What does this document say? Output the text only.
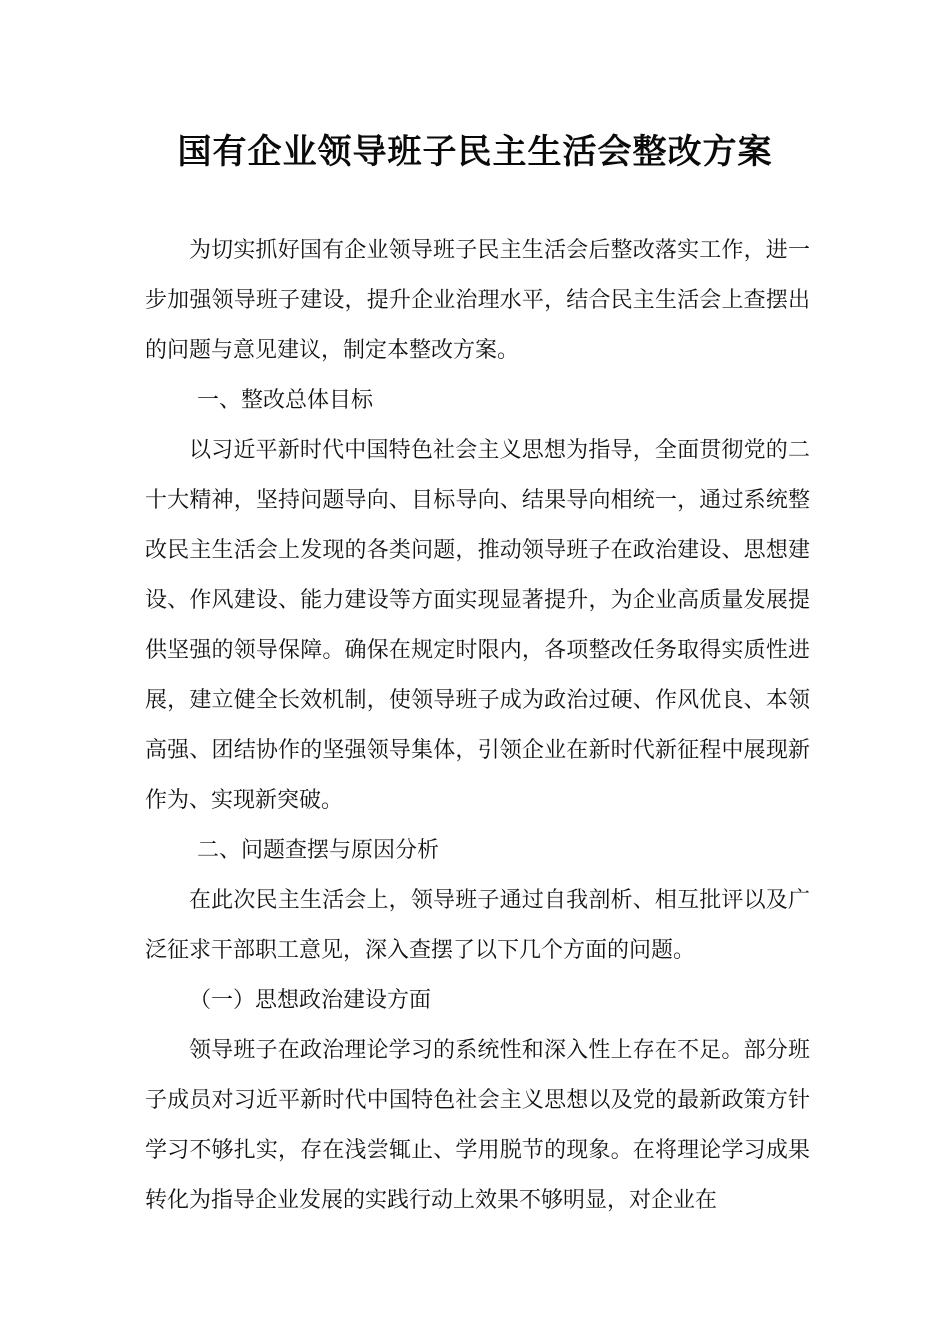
国有企业领导班子民主生活会整改方案

为切实抓好国有企业领导班子民主生活会后整改落实工作，进一步加强领导班子建设，提升企业治理水平，结合民主生活会上查摆出的问题与意见建议，制定本整改方案。

一、整改总体目标

以习近平新时代中国特色社会主义思想为指导，全面贯彻党的二十大精神，坚持问题导向、目标导向、结果导向相统一，通过系统整改民主生活会上发现的各类问题，推动领导班子在政治建设、思想建设、作风建设、能力建设等方面实现显著提升，为企业高质量发展提供坚强的领导保障。确保在规定时限内，各项整改任务取得实质性进展，建立健全长效机制，使领导班子成为政治过硬、作风优良、本领高强、团结协作的坚强领导集体，引领企业在新时代新征程中展现新作为、实现新突破。

二、问题查摆与原因分析

在此次民主生活会上，领导班子通过自我剖析、相互批评以及广泛征求干部职工意见，深入查摆了以下几个方面的问题。

（一）思想政治建设方面

领导班子在政治理论学习的系统性和深入性上存在不足。部分班子成员对习近平新时代中国特色社会主义思想以及党的最新政策方针学习不够扎实，存在浅尝辄止、学用脱节的现象。在将理论学习成果转化为指导企业发展的实践行动上效果不够明显，对企业在
